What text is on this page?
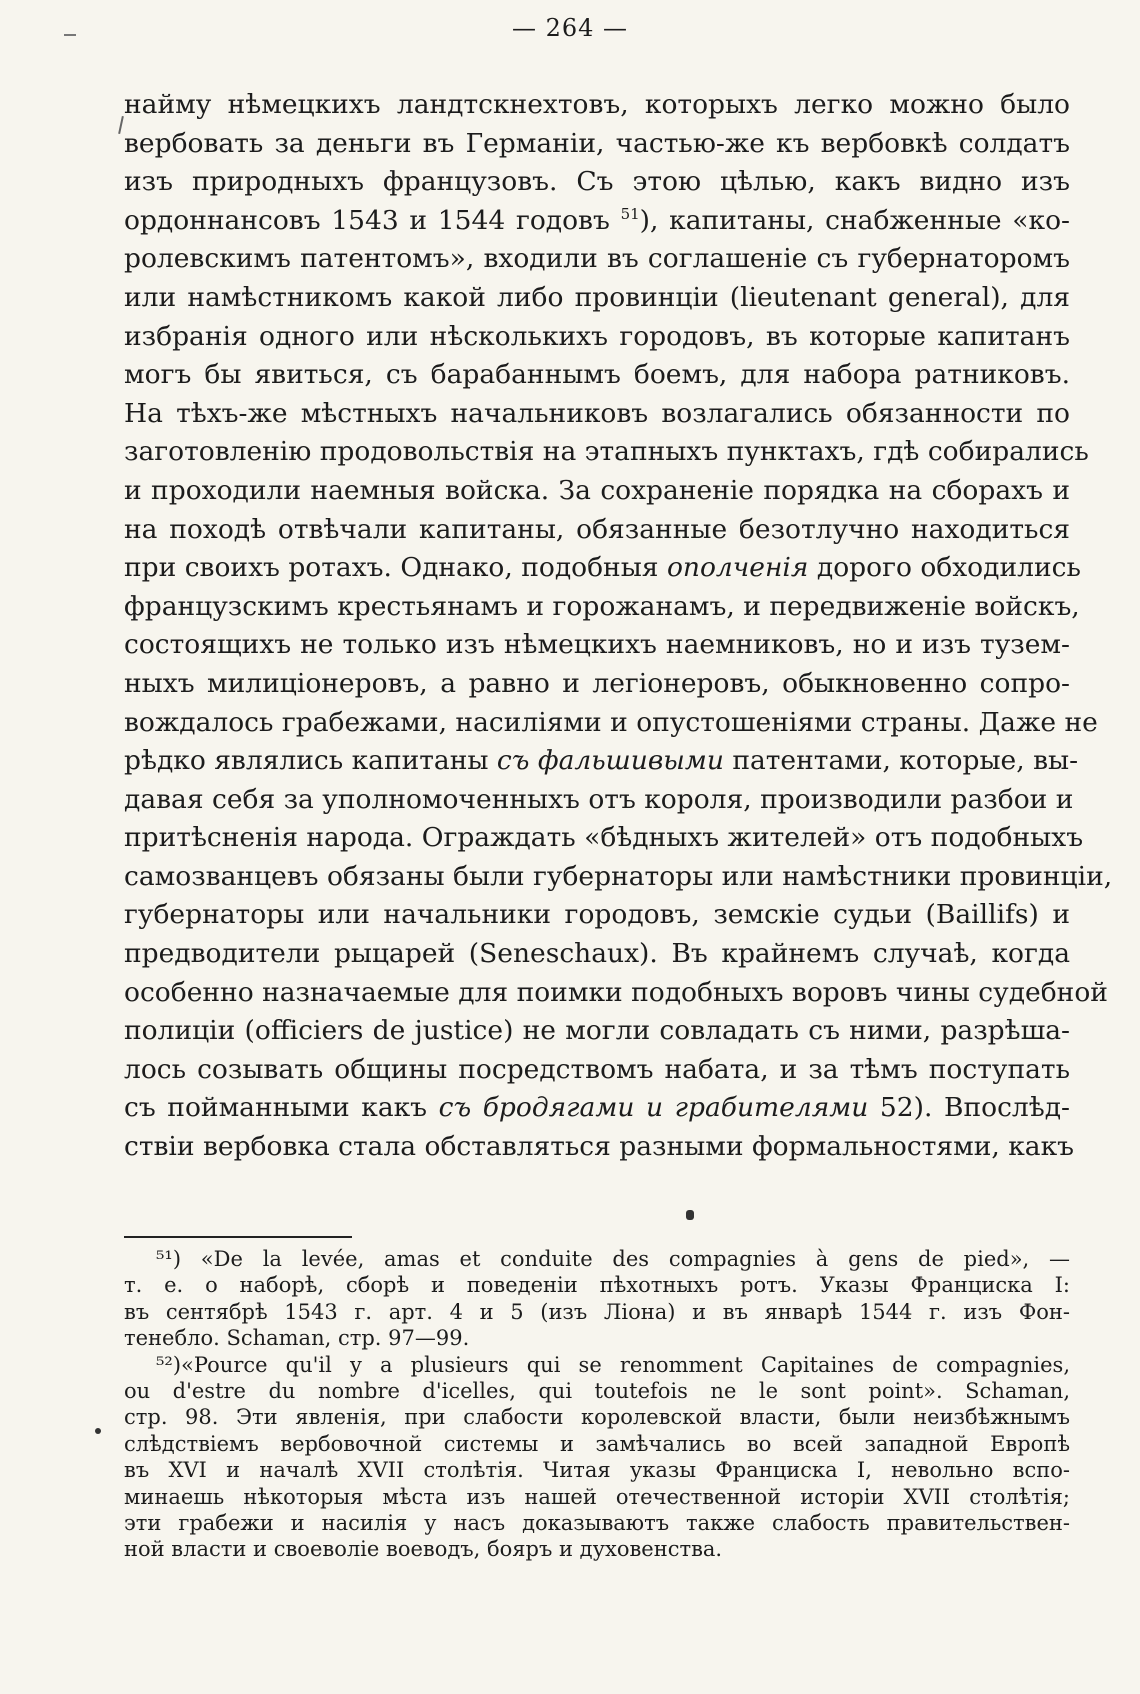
— 264 —
найму нѣмецкихъ ландтскнехтовъ, которыхъ легко можно было
вербовать за деньги въ Германіи, частью-же къ вербовкѣ солдатъ
изъ природныхъ французовъ. Съ этою цѣлью, какъ видно изъ
ордоннансовъ 1543 и 1544 годовъ $^{51}$), капитаны, снабженные «ко-
ролевскимъ патентомъ», входили въ соглашеніе съ губернаторомъ
или намѣстникомъ какой либо провинціи (lieutenant general), для
избранія одного или нѣсколькихъ городовъ, въ которые капитанъ
могъ бы явиться, съ барабаннымъ боемъ, для набора ратниковъ.
На тѣхъ-же мѣстныхъ начальниковъ возлагались обязанности по
заготовленію продовольствія на этапныхъ пунктахъ, гдѣ собирались
и проходили наемныя войска. За сохраненіе порядка на сборахъ и
на походѣ отвѣчали капитаны, обязанные безотлучно находиться
при своихъ ротахъ. Однако, подобныя ополченія дорого обходились
французскимъ крестьянамъ и горожанамъ, и передвиженіе войскъ,
состоящихъ не только изъ нѣмецкихъ наемниковъ, но и изъ тузем-
ныхъ милиціонеровъ, а равно и легіонеровъ, обыкновенно сопро-
вождалось грабежами, насиліями и опустошеніями страны. Даже не
рѣдко являлись капитаны съ фальшивыми патентами, которые, вы-
давая себя за уполномоченныхъ отъ короля, производили разбои и
притѣсненія народа. Ограждать «бѣдныхъ жителей» отъ подобныхъ
самозванцевъ обязаны были губернаторы или намѣстники провинціи,
губернаторы или начальники городовъ, земскіе судьи (Baillifs) и
предводители рыцарей (Seneschaux). Въ крайнемъ случаѣ, когда
особенно назначаемые для поимки подобныхъ воровъ чины судебной
полиціи (officiers de justice) не могли совладать съ ними, разрѣша-
лось созывать общины посредствомъ набата, и за тѣмъ поступать
съ пойманными какъ съ бродягами и грабителями 52). Впослѣд-
ствіи вербовка стала обставляться разными формальностями, какъ
⁵¹) «De la levée, amas et conduite des compagnies à gens de pied», —
т. е. о наборѣ, сборѣ и поведеніи пѣхотныхъ ротъ. Указы Франциска I:
въ сентябрѣ 1543 г. арт. 4 и 5 (изъ Ліона) и въ январѣ 1544 г. изъ Фон-
тенебло. Schaman, стр. 97—99.
⁵²)«Pource qu'il y a plusieurs qui se renomment Capitaines de compagnies,
ou d'estre du nombre d'icelles, qui toutefois ne le sont point». Schaman,
стр. 98. Эти явленія, при слабости королевской власти, были неизбѣжнымъ
слѣдствіемъ вербовочной системы и замѣчались во всей западной Европѣ
въ XVI и началѣ XVII столѣтія. Читая указы Франциска I, невольно вспо-
минаешь нѣкоторыя мѣста изъ нашей отечественной исторіи XVII столѣтія;
эти грабежи и насилія у насъ доказываютъ также слабость правительствен-
ной власти и своеволіе воеводъ, бояръ и духовенства.
